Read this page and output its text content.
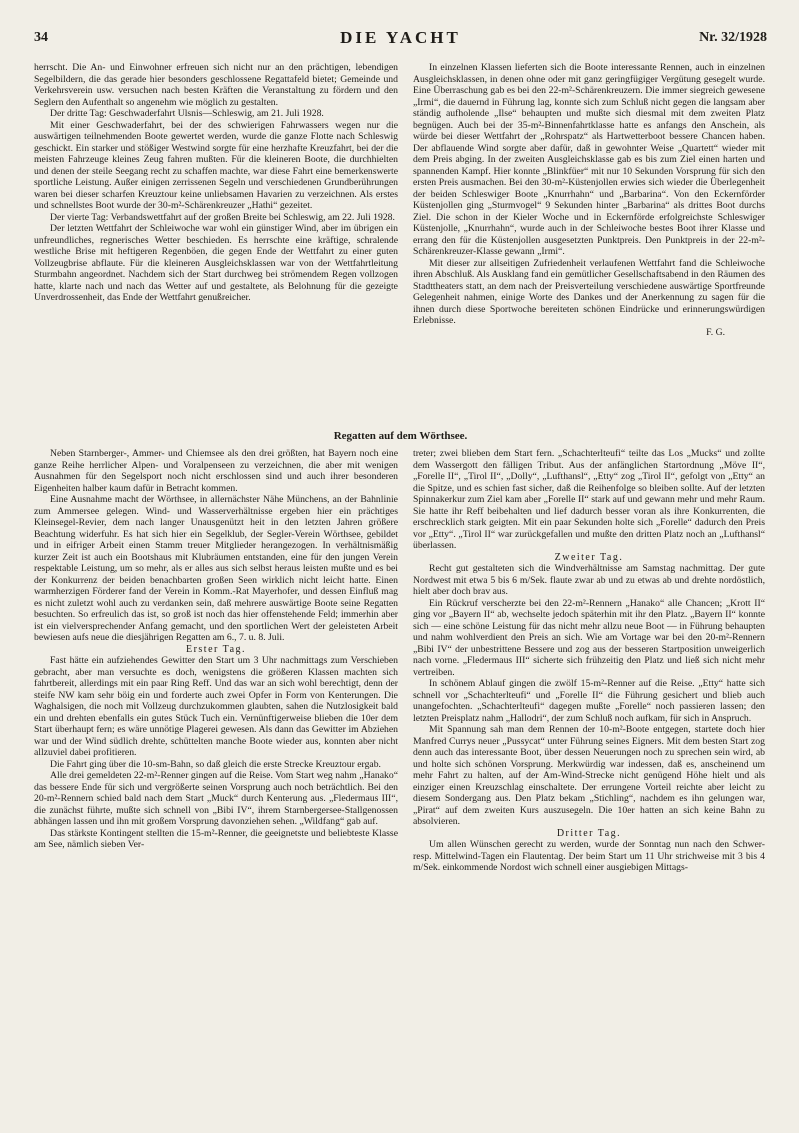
34	DIE YACHT	Nr. 32/1928

herrscht. Die An- und Einwohner erfreuen sich nicht nur an den prächtigen, lebendigen Segelbildern, die das gerade hier besonders geschlossene Regattafeld bietet; Gemeinde und Verkehrsverein usw. versuchen nach besten Kräften die Veranstaltung zu fördern und den Seglern den Aufenthalt so angenehm wie möglich zu gestalten.

Der dritte Tag: Geschwaderfahrt Ulsnis—Schleswig, am 21. Juli 1928.

Mit einer Geschwaderfahrt, bei der des schwierigen Fahrwassers wegen nur die auswärtigen teilnehmenden Boote gewertet werden, wurde die ganze Flotte nach Schleswig geschickt. Ein starker und stößiger Westwind sorgte für eine herzhafte Kreuzfahrt, bei der die meisten Fahrzeuge kleines Zeug fahren mußten. Für die kleineren Boote, die durchhielten und denen der steile Seegang recht zu schaffen machte, war diese Fahrt eine bemerkenswerte sportliche Leistung. Außer einigen zerrissenen Segeln und verschiedenen Grundberührungen waren bei dieser scharfen Kreuztour keine unliebsamen Havarien zu verzeichnen. Als erstes und schnellstes Boot wurde der 30-m²-Schärenkreuzer „Hathi“ gezeitet.

Der vierte Tag: Verbandswettfahrt auf der großen Breite bei Schleswig, am 22. Juli 1928.

Der letzten Wettfahrt der Schleiwoche war wohl ein günstiger Wind, aber im übrigen ein unfreundliches, regnerisches Wetter beschieden. Es herrschte eine kräftige, schralende westliche Brise mit heftigeren Regenböen, die gegen Ende der Wettfahrt zu einer guten Vollzeugbrise abflaute. Für die kleineren Ausgleichsklassen war von der Wettfahrtleitung Sturmbahn angeordnet. Nachdem sich der Start durchweg bei strömendem Regen vollzogen hatte, klarte nach und nach das Wetter auf und gestaltete, als Belohnung für die gezeigte Unverdrossenheit, das Ende der Wettfahrt genußreicher.

In einzelnen Klassen lieferten sich die Boote interessante Rennen, auch in einzelnen Ausgleichsklassen, in denen ohne oder mit ganz geringfügiger Vergütung gesegelt wurde. Eine Überraschung gab es bei den 22-m²-Schärenkreuzern. Die immer siegreich gewesene „Irmi“, die dauernd in Führung lag, konnte sich zum Schluß nicht gegen die langsam aber ständig aufholende „Ilse“ behaupten und mußte sich diesmal mit dem zweiten Platz begnügen. Auch bei der 35-m²-Binnenfahrtklasse hatte es anfangs den Anschein, als würde bei dieser Wettfahrt der „Rohrspatz“ als Hartwetterboot bessere Chancen haben. Der abflauende Wind sorgte aber dafür, daß in gewohnter Weise „Quartett“ wieder mit dem Preis abging. In der zweiten Ausgleichsklasse gab es bis zum Ziel einen harten und spannenden Kampf. Hier konnte „Blinkfüer“ mit nur 10 Sekunden Vorsprung für sich den ersten Preis ausmachen. Bei den 30-m²-Küstenjollen erwies sich wieder die Überlegenheit der beiden Schleswiger Boote „Knurrhahn“ und „Barbarina“. Von den Eckernförder Küstenjollen ging „Sturmvogel“ 9 Sekunden hinter „Barbarina“ als drittes Boot durchs Ziel. Die schon in der Kieler Woche und in Eckernförde erfolgreichste Schleswiger Küstenjolle, „Knurrhahn“, wurde auch in der Schleiwoche bestes Boot ihrer Klasse und errang den für die Küstenjollen ausgesetzten Punktpreis. Den Punktpreis in der 22-m²-Schärenkreuzer-Klasse gewann „Irmi“.

Mit dieser zur allseitigen Zufriedenheit verlaufenen Wettfahrt fand die Schleiwoche ihren Abschluß. Als Ausklang fand ein gemütlicher Gesellschaftsabend in den Räumen des Stadttheaters statt, an dem nach der Preisverteilung verschiedene auswärtige Sportfreunde Gelegenheit nahmen, einige Worte des Dankes und der Anerkennung zu sagen für die ihnen durch diese Sportwoche bereiteten schönen Eindrücke und erinnerungswürdigen Erlebnisse.

F. G.

Regatten auf dem Wörthsee.

Neben Starnberger-, Ammer- und Chiemsee als den drei größten, hat Bayern noch eine ganze Reihe herrlicher Alpen- und Voralpenseen zu verzeichnen, die aber mit wenigen Ausnahmen für den Segelsport noch nicht erschlossen sind und auch ihrer besonderen Eigenheiten halber kaum dafür in Betracht kommen.

Eine Ausnahme macht der Wörthsee, in allernächster Nähe Münchens, an der Bahnlinie zum Ammersee gelegen. Wind- und Wasserverhältnisse ergeben hier ein prächtiges Kleinsegel-Revier, dem nach langer Unausgenützt heit in den letzten Jahren größere Beachtung widerfuhr. Es hat sich hier ein Segelklub, der Segler-Verein Wörthsee, gebildet und in eifriger Arbeit einen Stamm treuer Mitglieder herangezogen. In verhältnismäßig kurzer Zeit ist auch ein Bootshaus mit Klubräumen entstanden, eine für den jungen Verein respektable Leistung, um so mehr, als er alles aus sich selbst heraus leisten mußte und es bei der Konkurrenz der beiden benachbarten großen Seen wirklich nicht leicht hatte. Einen warmherzigen Förderer fand der Verein in Komm.-Rat Mayerhofer, und dessen Einfluß mag es nicht zuletzt wohl auch zu verdanken sein, daß mehrere auswärtige Boote seine Regatten besuchten. So erfreulich das ist, so groß ist noch das hier offenstehende Feld; immerhin aber ist ein vielversprechender Anfang gemacht, und den sportlichen Wert der geleisteten Arbeit bewiesen aufs neue die diesjährigen Regatten am 6., 7. u. 8. Juli.

Erster Tag.

Fast hätte ein aufziehendes Gewitter den Start um 3 Uhr nachmittags zum Verschieben gebracht, aber man versuchte es doch, wenigstens die größeren Klassen machten sich fahrtbereit, allerdings mit ein paar Ring Reff. Und das war an sich wohl berechtigt, denn der steife NW kam sehr böig ein und forderte auch zwei Opfer in Form von Kenterungen. Die Waghalsigen, die noch mit Vollzeug durchzukommen glaubten, sahen die Nutzlosigkeit bald ein und drehten ebenfalls ein gutes Stück Tuch ein. Vernünftigerweise blieben die 10er dem Start überhaupt fern; es wäre unnötige Plagerei gewesen. Als dann das Gewitter im Abziehen war und der Wind südlich drehte, schüttelten manche Boote wieder aus, konnten aber nicht allzuviel dabei profitieren.

Die Fahrt ging über die 10-sm-Bahn, so daß gleich die erste Strecke Kreuztour ergab.

Alle drei gemeldeten 22-m²-Renner gingen auf die Reise. Vom Start weg nahm „Hanako“ das bessere Ende für sich und vergrößerte seinen Vorsprung auch noch beträchtlich. Bei den 20-m²-Rennern schied bald nach dem Start „Muck“ durch Kenterung aus. „Fledermaus III“, die zunächst führte, mußte sich schnell von „Bibi IV“, ihrem Starnbergersee-Stallgenossen abhängen lassen und ihn mit großem Vorsprung davonziehen sehen. „Wildfang“ gab auf.

Das stärkste Kontingent stellten die 15-m²-Renner, die geeignetste und beliebteste Klasse am See, nämlich sieben Ver-

treter; zwei blieben dem Start fern. „Schachterlteufi“ teilte das Los „Mucks“ und zollte dem Wassergott den fälligen Tribut. Aus der anfänglichen Startordnung „Möve II“, „Forelle II“, „Tirol II“, „Dolly“, „Lufthansl“, „Etty“ zog „Tirol II“, gefolgt von „Etty“ an die Spitze, und es schien fast sicher, daß die Reihenfolge so bleiben sollte. Auf der letzten Spinnakerkur zum Ziel kam aber „Forelle II“ stark auf und gewann mehr und mehr Raum. Sie hatte ihr Reff beibehalten und lief dadurch besser voran als ihre Konkurrenten, die erschrecklich stark geigten. Mit ein paar Sekunden holte sich „Forelle“ dadurch den Preis vor „Etty“. „Tirol II“ war zurückgefallen und mußte den dritten Platz noch an „Lufthansl“ überlassen.

Zweiter Tag.

Recht gut gestalteten sich die Windverhältnisse am Samstag nachmittag. Der gute Nordwest mit etwa 5 bis 6 m/Sek. flaute zwar ab und zu etwas ab und drehte nordöstlich, hielt aber doch brav aus.

Ein Rückruf verscherzte bei den 22-m²-Rennern „Hanako“ alle Chancen; „Krott II“ ging vor „Bayern II“ ab, wechselte jedoch späterhin mit ihr den Platz. „Bayern II“ konnte sich — eine schöne Leistung für das nicht mehr allzu neue Boot — in Führung behaupten und nahm wohlverdient den Preis an sich. Wie am Vortage war bei den 20-m²-Rennern „Bibi IV“ der unbestrittene Bessere und zog aus der besseren Startposition unweigerlich nach vorne. „Fledermaus III“ sicherte sich frühzeitig den Platz und ließ sich nicht mehr vertreiben.

In schönem Ablauf gingen die zwölf 15-m²-Renner auf die Reise. „Etty“ hatte sich schnell vor „Schachterlteufi“ und „Forelle II“ die Führung gesichert und blieb auch unangefochten. „Schachterlteufi“ dagegen mußte „Forelle“ noch passieren lassen; den letzten Preisplatz nahm „Hallodri“, der zum Schluß noch aufkam, für sich in Anspruch.

Mit Spannung sah man dem Rennen der 10-m²-Boote entgegen, startete doch hier Manfred Currys neuer „Pussycat“ unter Führung seines Eigners. Mit dem besten Start zog denn auch das interessante Boot, über dessen Neuerungen noch zu sprechen sein wird, ab und holte sich schönen Vorsprung. Merkwürdig war indessen, daß es, anscheinend um mehr Fahrt zu halten, auf der Am-Wind-Strecke nicht genügend Höhe hielt und als einziger einen Kreuzschlag einschaltete. Der errungene Vorteil reichte aber leicht zu diesem Sondergang aus. Den Platz bekam „Stichling“, nachdem es ihn gelungen war, „Pirat“ auf dem zweiten Kurs auszusegeln. Die 10er hatten an sich keine Bahn zu absolvieren.

Dritter Tag.

Um allen Wünschen gerecht zu werden, wurde der Sonntag nun nach den Schwer- resp. Mittelwind-Tagen ein Flautentag. Der beim Start um 11 Uhr strichweise mit 3 bis 4 m/Sek. einkommende Nordost wich schnell einer ausgiebigen Mittags-
